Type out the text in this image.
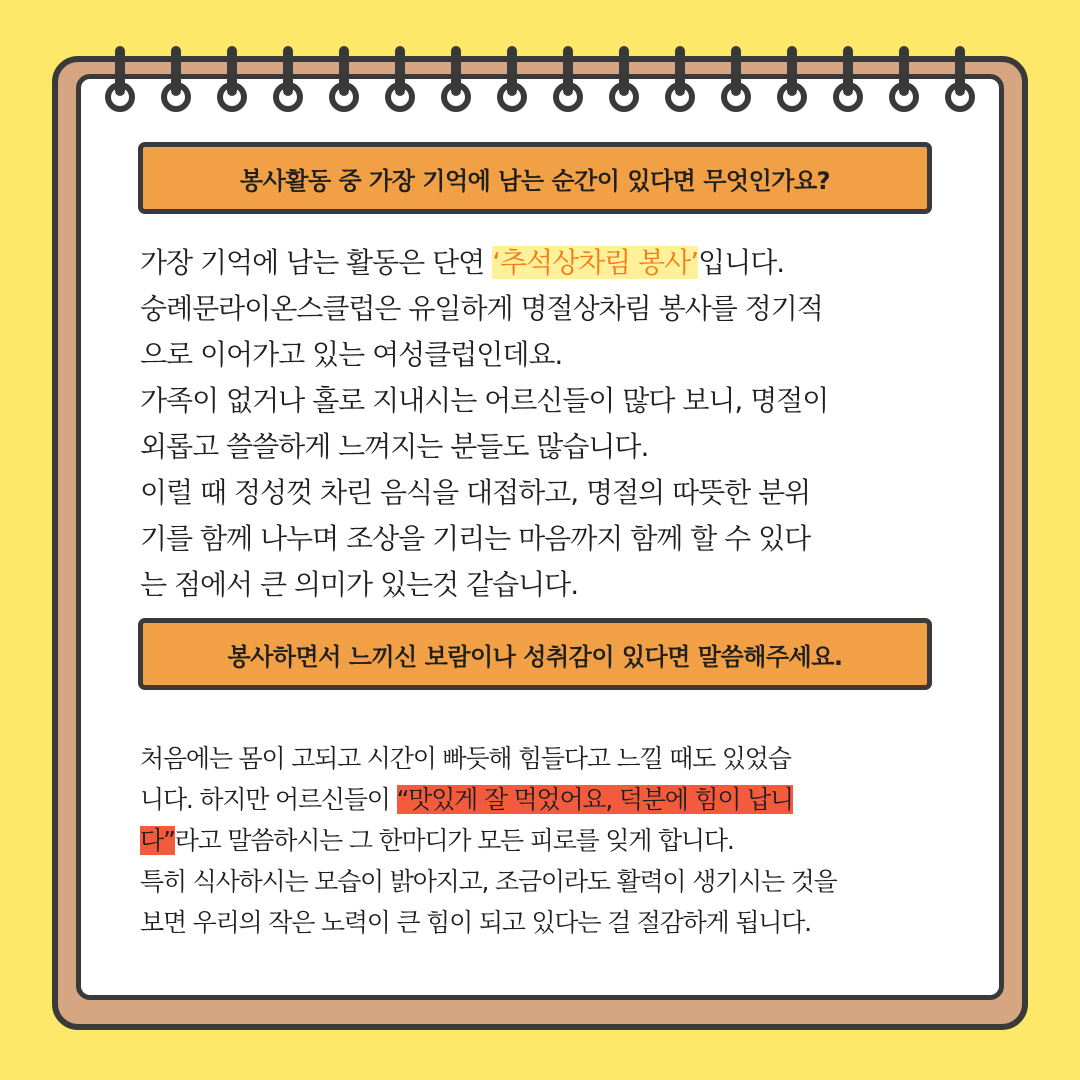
봉사활동 중 가장 기억에 남는 순간이 있다면 무엇인가요?
가장 기억에 남는 활동은 단연 ‘추석상차림 봉사’입니다.
숭례문라이온스클럽은 유일하게 명절상차림 봉사를 정기적
으로 이어가고 있는 여성클럽인데요.
가족이 없거나 홀로 지내시는 어르신들이 많다 보니, 명절이
외롭고 쓸쓸하게 느껴지는 분들도 많습니다.
이럴 때 정성껏 차린 음식을 대접하고, 명절의 따뜻한 분위
기를 함께 나누며 조상을 기리는 마음까지 함께 할 수 있다
는 점에서 큰 의미가 있는것 같습니다.
봉사하면서 느끼신 보람이나 성취감이 있다면 말씀해주세요.
처음에는 몸이 고되고 시간이 빠듯해 힘들다고 느낄 때도 있었습
니다. 하지만 어르신들이 “맛있게 잘 먹었어요, 덕분에 힘이 납니
다”라고 말씀하시는 그 한마디가 모든 피로를 잊게 합니다.
특히 식사하시는 모습이 밝아지고, 조금이라도 활력이 생기시는 것을
보면 우리의 작은 노력이 큰 힘이 되고 있다는 걸 절감하게 됩니다.
